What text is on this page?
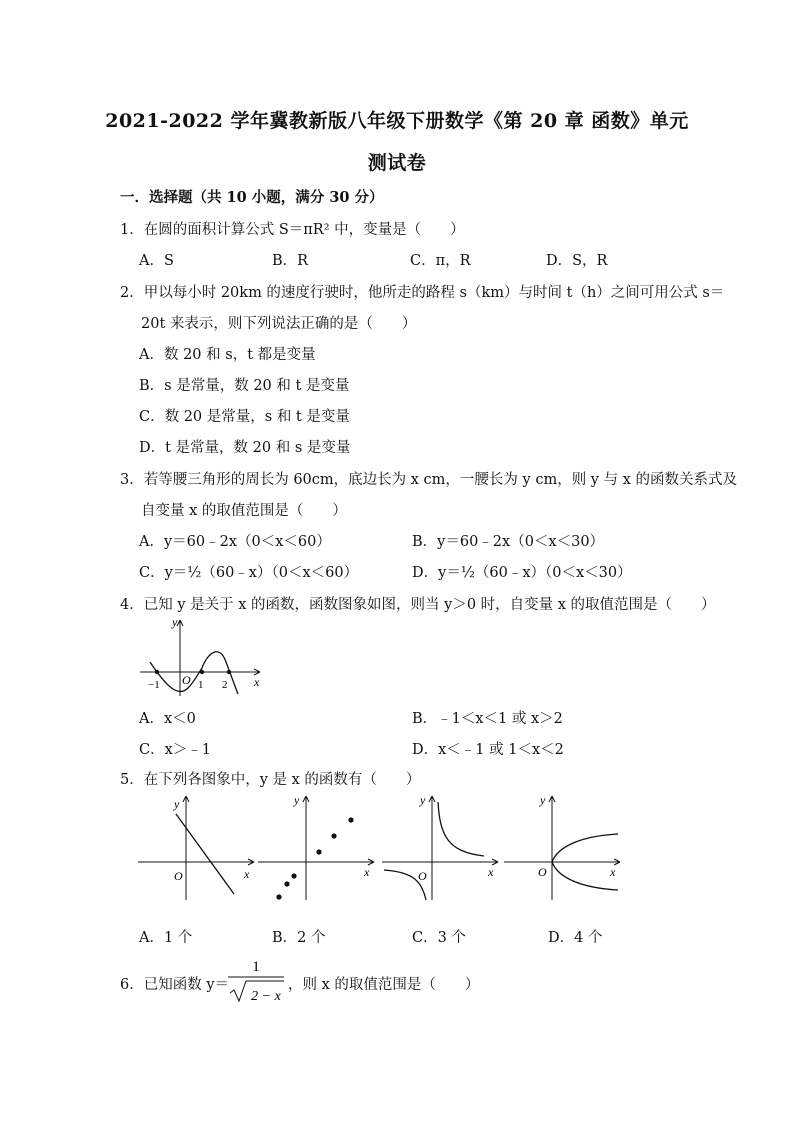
2021-2022 学年冀教新版八年级下册数学《第 20 章 函数》单元
测试卷
一．选择题（共 10 小题，满分 30 分）
1．在圆的面积计算公式 S＝πR² 中，变量是（　　）
A．S	B．R	C．π，R	D．S，R
2．甲以每小时 20km 的速度行驶时，他所走的路程 s（km）与时间 t（h）之间可用公式 s＝
20t 来表示，则下列说法正确的是（　　）
A．数 20 和 s，t 都是变量
B．s 是常量，数 20 和 t 是变量
C．数 20 是常量，s 和 t 是变量
D．t 是常量，数 20 和 s 是变量
3．若等腰三角形的周长为 60cm，底边长为 x cm，一腰长为 y cm，则 y 与 x 的函数关系式及
自变量 x 的取值范围是（　　）
A．y＝60﹣2x（0＜x＜60）	B．y＝60﹣2x（0＜x＜30）
C．y＝½（60﹣x）（0＜x＜60）	D．y＝½（60﹣x）（0＜x＜30）
4．已知 y 是关于 x 的函数，函数图象如图，则当 y＞0 时，自变量 x 的取值范围是（　　）
y
x
O
−1	1 2
A．x＜0	B．﹣1＜x＜1 或 x＞2
C．x＞﹣1	D．x＜﹣1 或 1＜x＜2
5．在下列各图象中，y 是 x 的函数有（　　）
y
x
O
y
x
y
x
O
y
x
O
A．1 个	B．2 个	C．3 个	D．4 个
6．已知函数 y＝
1
2 − x
，则 x 的取值范围是（　　）
